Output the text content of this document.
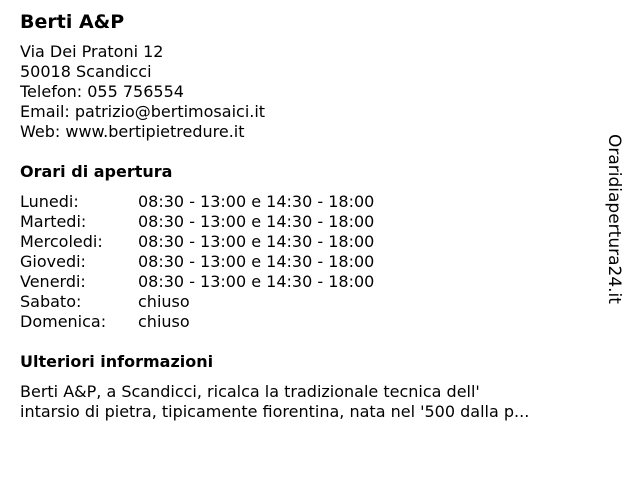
Berti A&P
Via Dei Pratoni 12
50018 Scandicci
Telefon: 055 756554
Email: patrizio@bertimosaici.it
Web: www.bertipietredure.it
Orari di apertura
Lunedi:	08:30 - 13:00 e 14:30 - 18:00
Martedi:	08:30 - 13:00 e 14:30 - 18:00
Mercoledi:	08:30 - 13:00 e 14:30 - 18:00
Giovedi:	08:30 - 13:00 e 14:30 - 18:00
Venerdi:	08:30 - 13:00 e 14:30 - 18:00
Sabato:	chiuso
Domenica:	chiuso
Ulteriori informazioni
Berti A&P, a Scandicci, ricalca la tradizionale tecnica dell'
intarsio di pietra, tipicamente fiorentina, nata nel '500 dalla p...
Oraridiapertura24.it
